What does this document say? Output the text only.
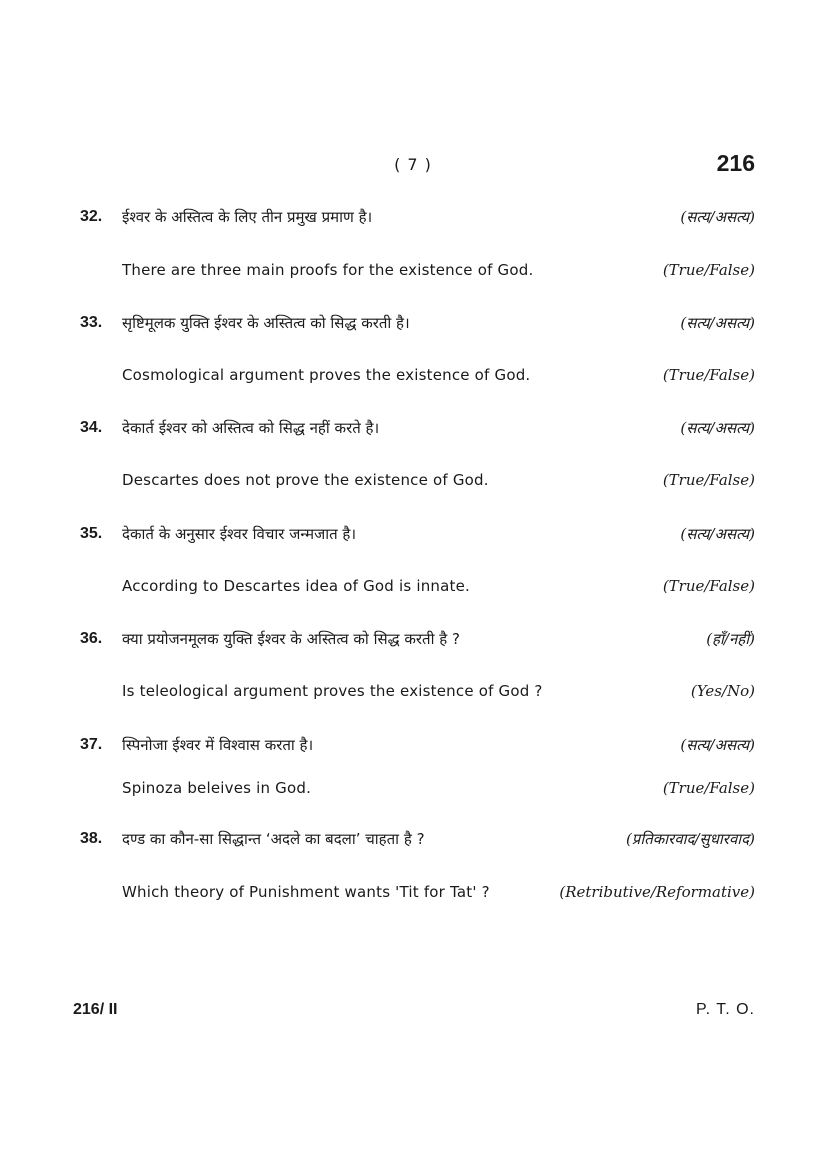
( 7 )	216
32. ईश्वर के अस्तित्व के लिए तीन प्रमुख प्रमाण है।	(सत्य/असत्य)
There are three main proofs for the existence of God.	(True/False)
33. सृष्टिमूलक युक्ति ईश्वर के अस्तित्व को सिद्ध करती है।	(सत्य/असत्य)
Cosmological argument proves the existence of God.	(True/False)
34. देकार्त ईश्वर को अस्तित्व को सिद्ध नहीं करते है।	(सत्य/असत्य)
Descartes does not prove the existence of God.	(True/False)
35. देकार्त के अनुसार ईश्वर विचार जन्मजात है।	(सत्य/असत्य)
According to Descartes idea of God is innate.	(True/False)
36. क्या प्रयोजनमूलक युक्ति ईश्वर के अस्तित्व को सिद्ध करती है ?	(हाँ/नहीं)
Is teleological argument proves the existence of God ?	(Yes/No)
37. स्पिनोजा ईश्वर में विश्वास करता है।	(सत्य/असत्य)
Spinoza beleives in God.	(True/False)
38. दण्ड का कौन-सा सिद्धान्त ‘अदले का बदला’ चाहता है ?	(प्रतिकारवाद/सुधारवाद)
Which theory of Punishment wants 'Tit for Tat' ?	(Retributive/Reformative)
216/ II	P. T. O.
